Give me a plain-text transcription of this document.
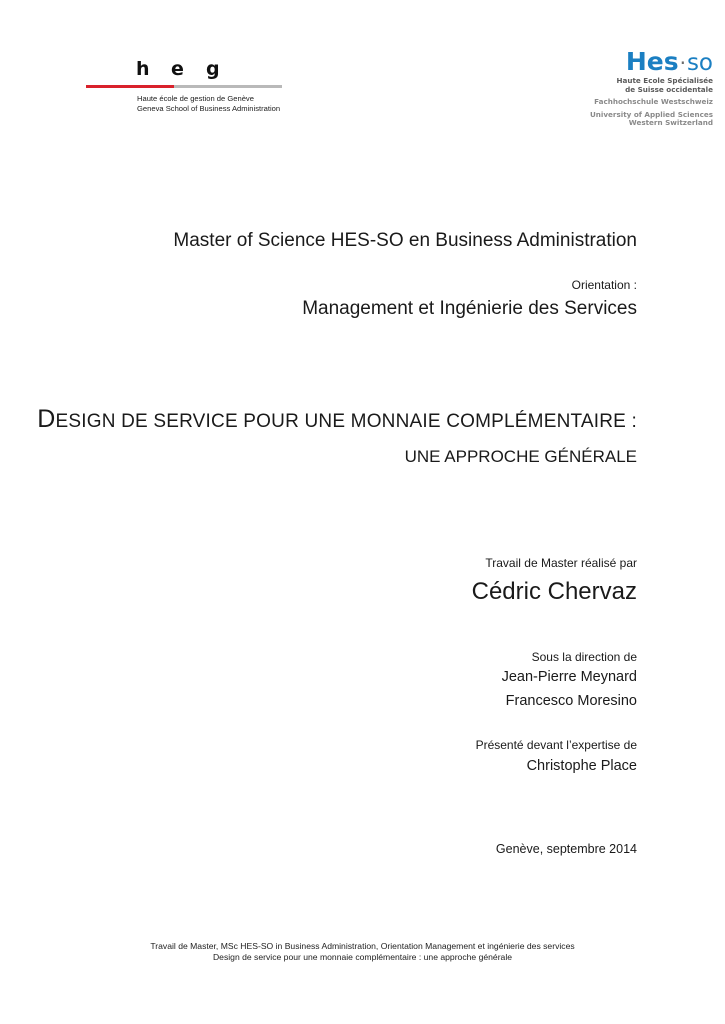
h e g
Haute école de gestion de Genève
Geneva School of Business Administration
Hes·so
Haute Ecole Spécialisée
de Suisse occidentale
Fachhochschule Westschweiz
University of Applied Sciences
Western Switzerland
Master of Science HES-SO en Business Administration
Orientation :
Management et Ingénierie des Services
DESIGN DE SERVICE POUR UNE MONNAIE COMPLÉMENTAIRE :
UNE APPROCHE GÉNÉRALE
Travail de Master réalisé par
Cédric Chervaz
Sous la direction de
Jean-Pierre Meynard
Francesco Moresino
Présenté devant l’expertise de
Christophe Place
Genève, septembre 2014
Travail de Master, MSc HES-SO in Business Administration, Orientation Management et ingénierie des services
Design de service pour une monnaie complémentaire : une approche générale
